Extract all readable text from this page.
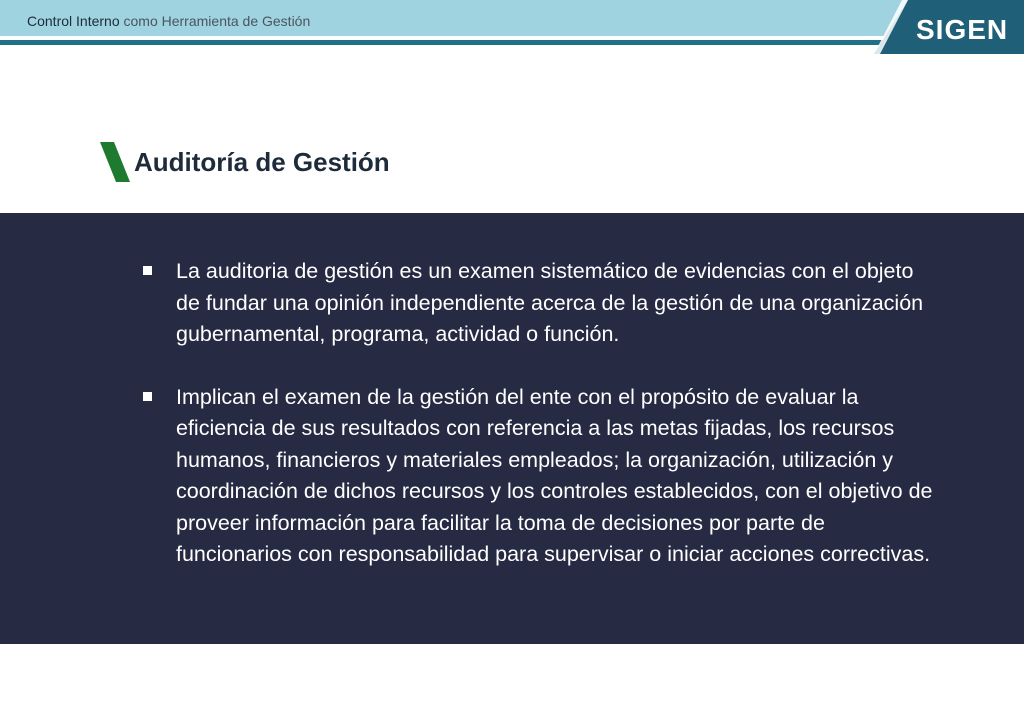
Control Interno como Herramienta de Gestión	SIGEN
Auditoría de Gestión
La auditoria de gestión es un examen sistemático de evidencias con el objeto de fundar una opinión independiente acerca de la gestión de una organización gubernamental, programa, actividad o función.
Implican el examen de la gestión del ente con el propósito de evaluar la eficiencia de sus resultados con referencia a las metas fijadas, los recursos humanos, financieros y materiales empleados; la organización, utilización y coordinación de dichos recursos y los controles establecidos, con el objetivo de proveer información para facilitar la toma de decisiones por parte de funcionarios con responsabilidad para supervisar o iniciar acciones correctivas.
